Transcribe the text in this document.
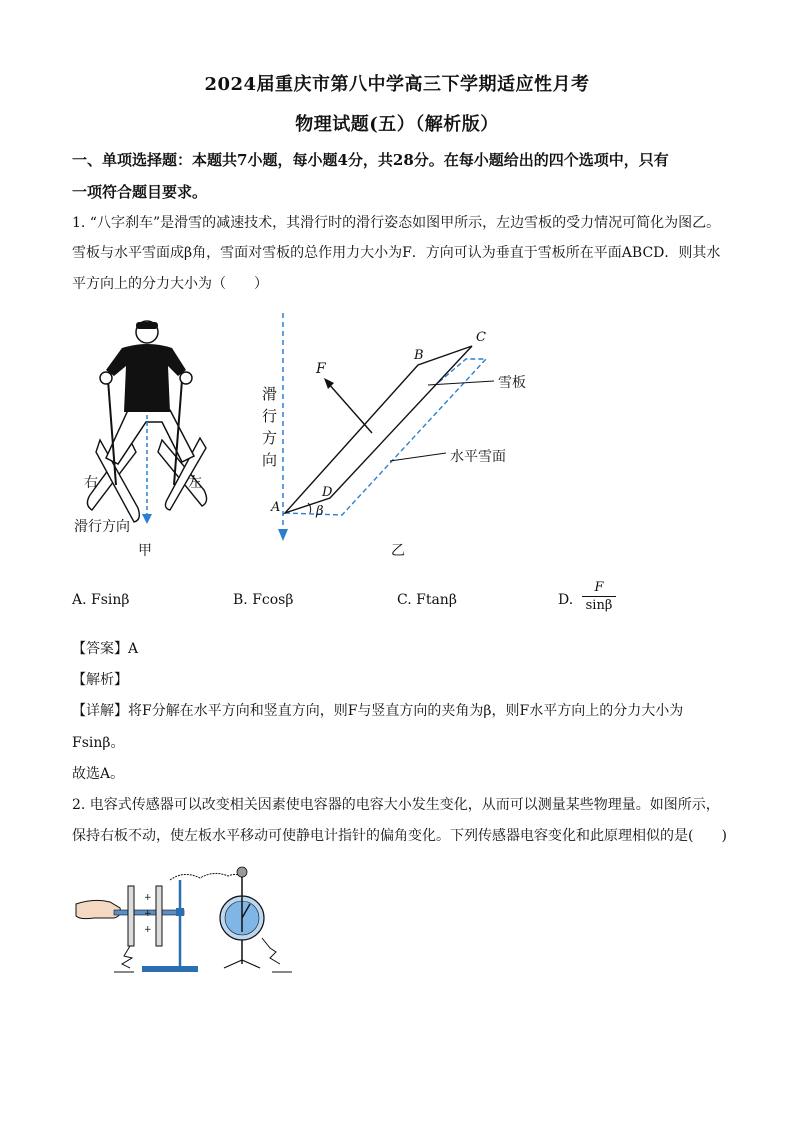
2024届重庆市第八中学高三下学期适应性月考
物理试题(五）（解析版）
一、单项选择题：本题共7小题，每小题4分，共28分。在每小题给出的四个选项中，只有
一项符合题目要求。
1. “八字刹车”是滑雪的减速技术，其滑行时的滑行姿态如图甲所示，左边雪板的受力情况可简化为图乙。
雪板与水平雪面成β角，雪面对雪板的总作用力大小为F．方向可认为垂直于雪板所在平面ABCD．则其水
平方向上的分力大小为（　　）
右	左
滑行方向
甲
滑
行
方
向
F
B
C
D
A	β
雪板
水平雪面
乙
A. Fsinβ	B. Fcosβ	C. Ftanβ	D.
F
sinβ
【答案】A
【解析】
【详解】将F分解在水平方向和竖直方向，则F与竖直方向的夹角为β，则F水平方向上的分力大小为
Fsinβ。
故选A。
2. 电容式传感器可以改变相关因素使电容器的电容大小发生变化，从而可以测量某些物理量。如图所示，
保持右板不动，使左板水平移动可使静电计指针的偏角变化。下列传感器电容变化和此原理相似的是(　　)
+
+
+
